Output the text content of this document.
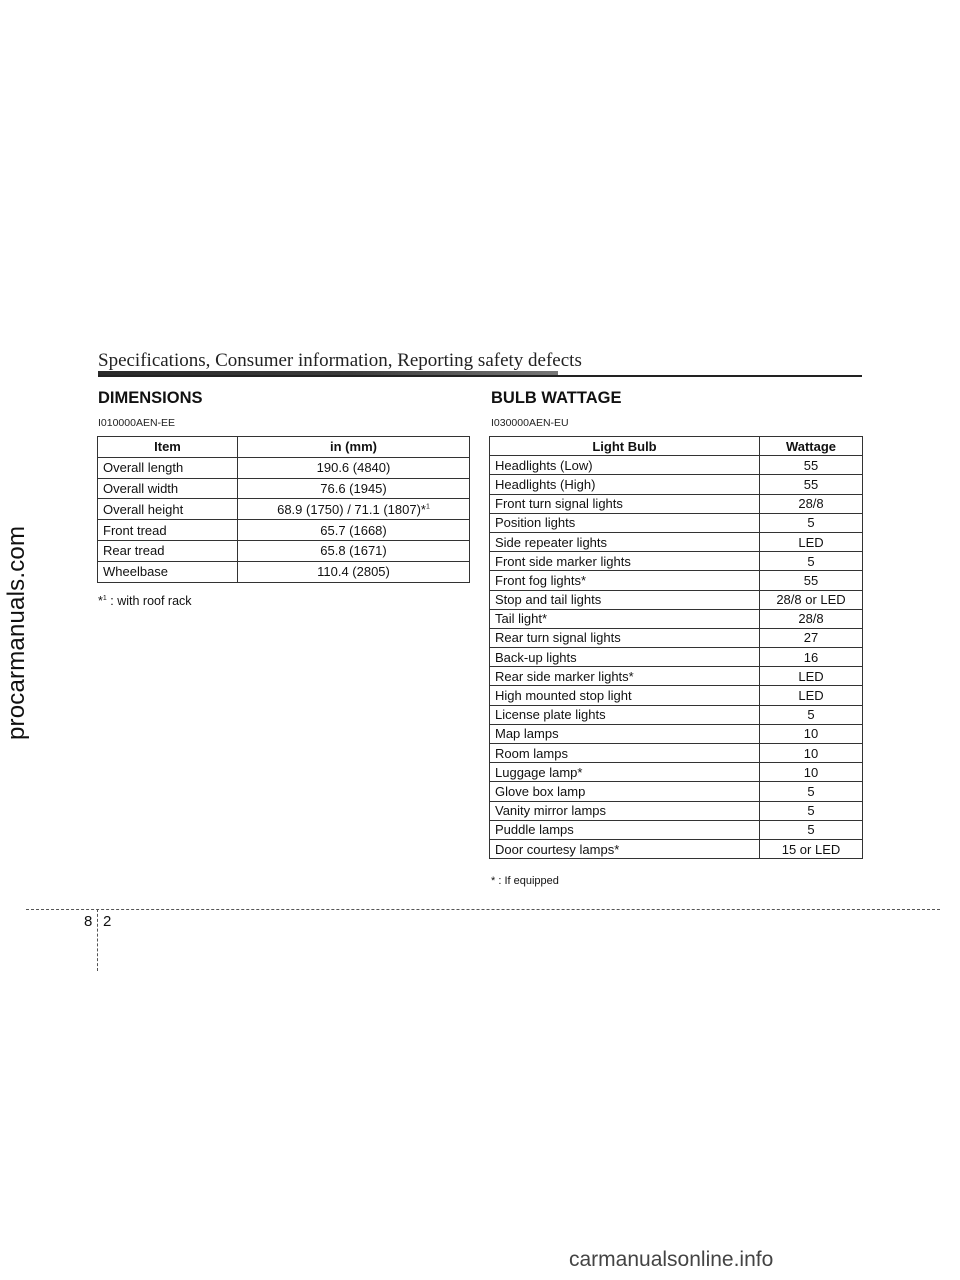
procarmanuals.com
Specifications, Consumer information, Reporting safety defects
DIMENSIONS
I010000AEN-EE
Item	in (mm)
Overall length	190.6 (4840)
Overall width	76.6 (1945)
Overall height	68.9 (1750) / 71.1 (1807)*$^1$
Front tread	65.7 (1668)
Rear tread	65.8 (1671)
Wheelbase	110.4 (2805)
*$^1$ : with roof rack
BULB WATTAGE
I030000AEN-EU
Light Bulb	Wattage
Headlights (Low)	55
Headlights (High)	55
Front turn signal lights	28/8
Position lights	5
Side repeater lights	LED
Front side marker lights	5
Front fog lights*	55
Stop and tail lights	28/8 or LED
Tail light*	28/8
Rear turn signal lights	27
Back-up lights	16
Rear side marker lights*	LED
High mounted stop light	LED
License plate lights	5
Map lamps	10
Room lamps	10
Luggage lamp*	10
Glove box lamp	5
Vanity mirror lamps	5
Puddle lamps	5
Door courtesy lamps*	15 or LED
* : If equipped
8 2
carmanualsonline.info
